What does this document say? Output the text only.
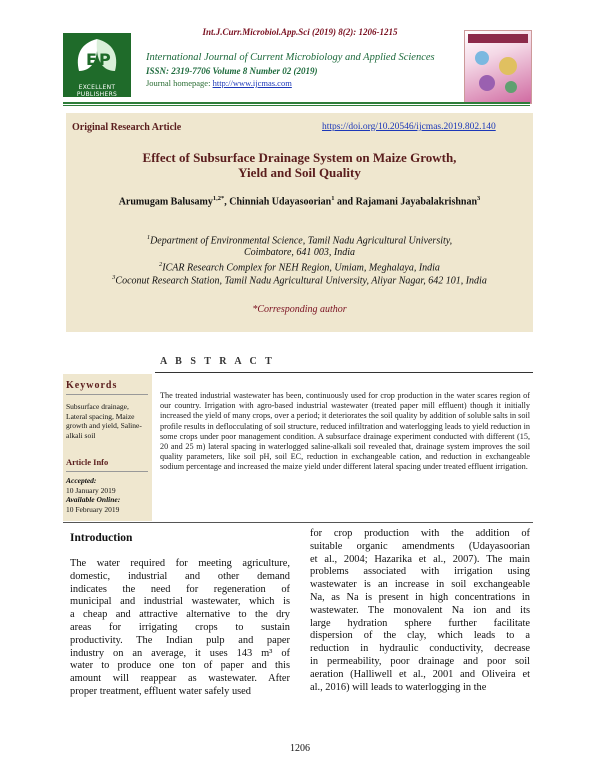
Int.J.Curr.Microbiol.App.Sci (2019) 8(2): 1206-1215
E P
EXCELLENT PUBLISHERS
International Journal of Current Microbiology and Applied Sciences
ISSN: 2319-7706 Volume 8 Number 02 (2019)
Journal homepage: http://www.ijcmas.com
Original Research Article	https://doi.org/10.20546/ijcmas.2019.802.140
Effect of Subsurface Drainage System on Maize Growth,
Yield and Soil Quality
Arumugam Balusamy$^{1,2*}$, Chinniah Udayasoorian$^1$ and Rajamani Jayabalakrishnan$^3$
$^1$Department of Environmental Science, Tamil Nadu Agricultural University,
Coimbatore, 641 003, India
$^2$ICAR Research Complex for NEH Region, Umiam, Meghalaya, India
$^3$Coconut Research Station, Tamil Nadu Agricultural University, Aliyar Nagar, 642 101, India
*Corresponding author
A B S T R A C T
Keywords
Subsurface drainage, Lateral spacing, Maize growth and yield, Saline-alkali soil
Article Info
Accepted:
10 January 2019
Available Online:
10 February 2019
The treated industrial wastewater has been, continuously used for crop production in the water scares region of our country. Irrigation with agro-based industrial wastewater (treated paper mill effluent) though it initially increased the yield of many crops, over a period; it deteriorates the soil quality by addition of soluble salts in soil profile results in deflocculating of soil structure, reduced infiltration and waterlogging leads to yield reduction in some crops under poor management condition. A subsurface drainage experiment conducted with different (15, 20 and 25 m) lateral spacing in waterlogged saline-alkali soil revealed that, drainage system improves the soil quality parameters, like soil pH, soil EC, reduction in exchangeable cation, and reduction in exchangeable sodium percentage and increased the maize yield under different lateral spacing under treated effluent irrigation.
Introduction
The water required for meeting agriculture,
domestic, industrial and other demand
indicates the need for regeneration of
municipal and industrial wastewater, which is
a cheap and attractive alternative to the dry
areas for irrigating crops to sustain
productivity. The Indian pulp and paper
industry on an average, it uses 143 m³ of
water to produce one ton of paper and this
amount will reappear as wastewater. After
proper treatment, effluent water safely used
for crop production with the addition of
suitable organic amendments (Udayasoorian
et al., 2004; Hazarika et al., 2007). The main
problems associated with irrigation using
wastewater is an increase in soil exchangeable
Na, as Na is present in high concentrations in
wastewater. The monovalent Na ion and its
large hydration sphere further facilitate
dispersion of the clay, which leads to a
reduction in hydraulic conductivity, decrease
in permeability, poor drainage and poor soil
aeration (Halliwell et al., 2001 and Oliveira et
al., 2016) will leads to waterlogging in the
1206
